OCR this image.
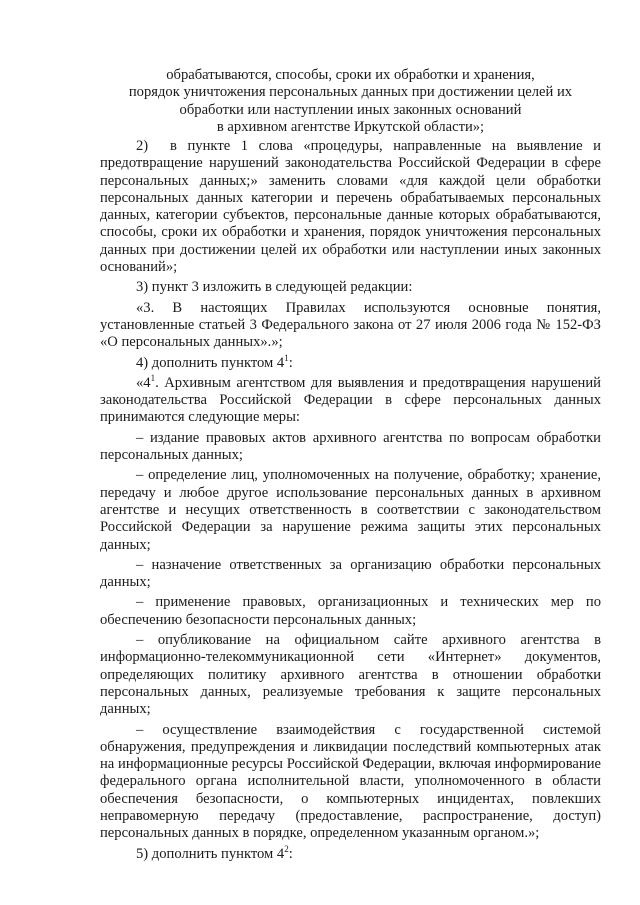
обрабатываются, способы, сроки их обработки и хранения,
порядок уничтожения персональных данных при достижении целей их
обработки или наступлении иных законных оснований
в архивном агентстве Иркутской области»;

2)  в пункте 1 слова «процедуры, направленные на выявление и предотвращение нарушений законодательства Российской Федерации в сфере персональных данных;» заменить словами «для каждой цели обработки персональных данных категории и перечень обрабатываемых персональных данных, категории субъектов, персональные данные которых обрабатываются, способы, сроки их обработки и хранения, порядок уничтожения персональных данных при достижении целей их обработки или наступлении иных законных оснований»;

3) пункт 3 изложить в следующей редакции:

«3. В настоящих Правилах используются основные понятия, установленные статьей 3 Федерального закона от 27 июля 2006 года № 152-ФЗ «О персональных данных».»;

4) дополнить пунктом $4^1$:

«$4^1$. Архивным агентством для выявления и предотвращения нарушений законодательства Российской Федерации в сфере персональных данных принимаются следующие меры:

– издание правовых актов архивного агентства по вопросам обработки персональных данных;

– определение лиц, уполномоченных на получение, обработку; хранение, передачу и любое другое использование персональных данных в архивном агентстве и несущих ответственность в соответствии с законодательством Российской Федерации за нарушение режима защиты этих персональных данных;

– назначение ответственных за организацию обработки персональных данных;

– применение правовых, организационных и технических мер по обеспечению безопасности персональных данных;

– опубликование на официальном сайте архивного агентства в информационно-телекоммуникационной сети «Интернет» документов, определяющих политику архивного агентства в отношении обработки персональных данных, реализуемые требования к защите персональных данных;

– осуществление взаимодействия с государственной системой обнаружения, предупреждения и ликвидации последствий компьютерных атак на информационные ресурсы Российской Федерации, включая информирование федерального органа исполнительной власти, уполномоченного в области обеспечения безопасности, о компьютерных инцидентах, повлекших неправомерную передачу (предоставление, распространение, доступ) персональных данных в порядке, определенном указанным органом.»;

5) дополнить пунктом $4^2$:
